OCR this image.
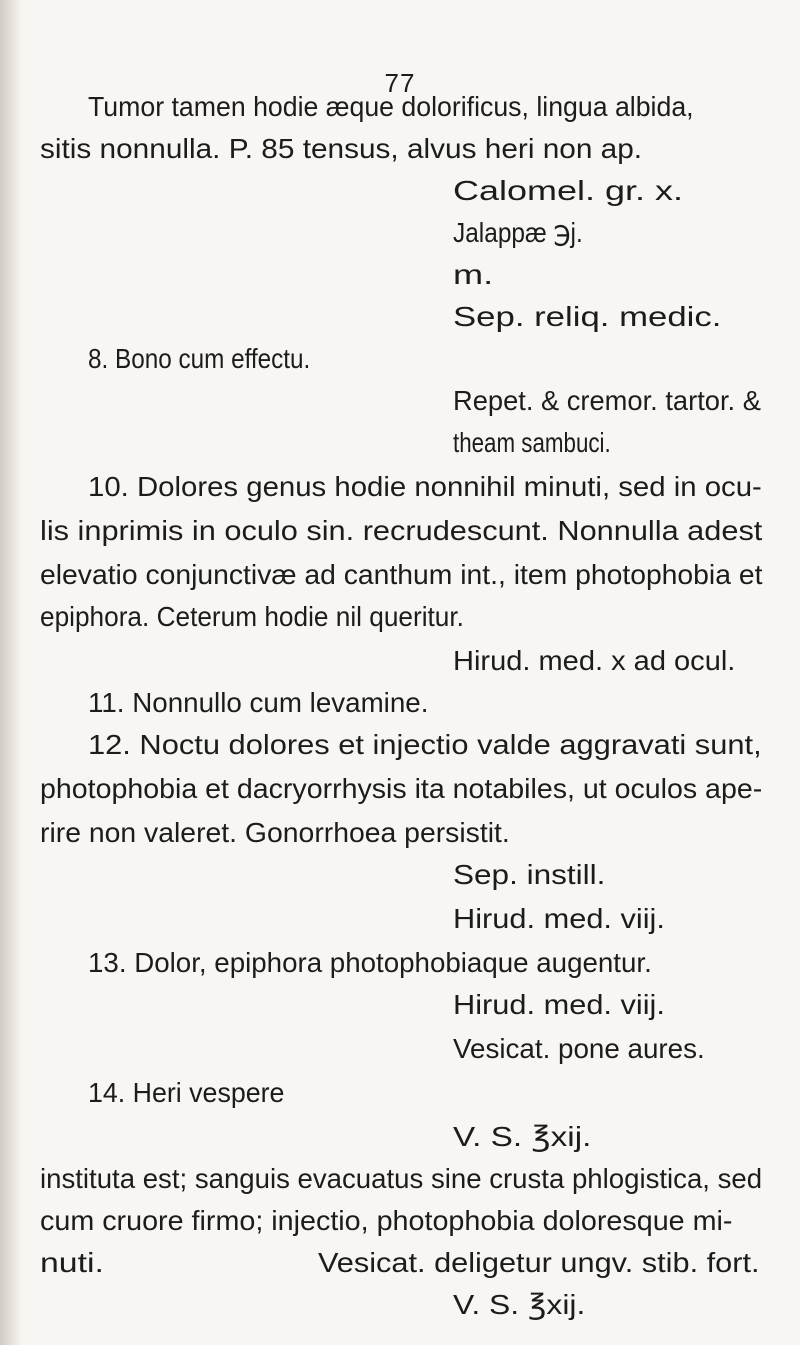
77
Tumor tamen hodie æque dolorificus, lingua albida,
sitis nonnulla. P. 85 tensus, alvus heri non ap.
Calomel. gr. x.
Jalappæ ℈j.
m.
Sep. reliq. medic.
8. Bono cum effectu.
Repet. & cremor. tartor. &
theam sambuci.
10. Dolores genus hodie nonnihil minuti, sed in ocu-
lis inprimis in oculo sin. recrudescunt. Nonnulla adest
elevatio conjunctivæ ad canthum int., item photophobia et
epiphora. Ceterum hodie nil queritur.
Hirud. med. x ad ocul.
11. Nonnullo cum levamine.
12. Noctu dolores et injectio valde aggravati sunt,
photophobia et dacryorrhysis ita notabiles, ut oculos ape-
rire non valeret. Gonorrhoea persistit.
Sep. instill.
Hirud. med. viij.
13. Dolor, epiphora photophobiaque augentur.
Hirud. med. viij.
Vesicat. pone aures.
14. Heri vespere
V. S. ℥xij.
instituta est; sanguis evacuatus sine crusta phlogistica, sed
cum cruore firmo; injectio, photophobia doloresque mi-
nuti.	Vesicat. deligetur ungv. stib. fort.
V. S. ℥xij.
